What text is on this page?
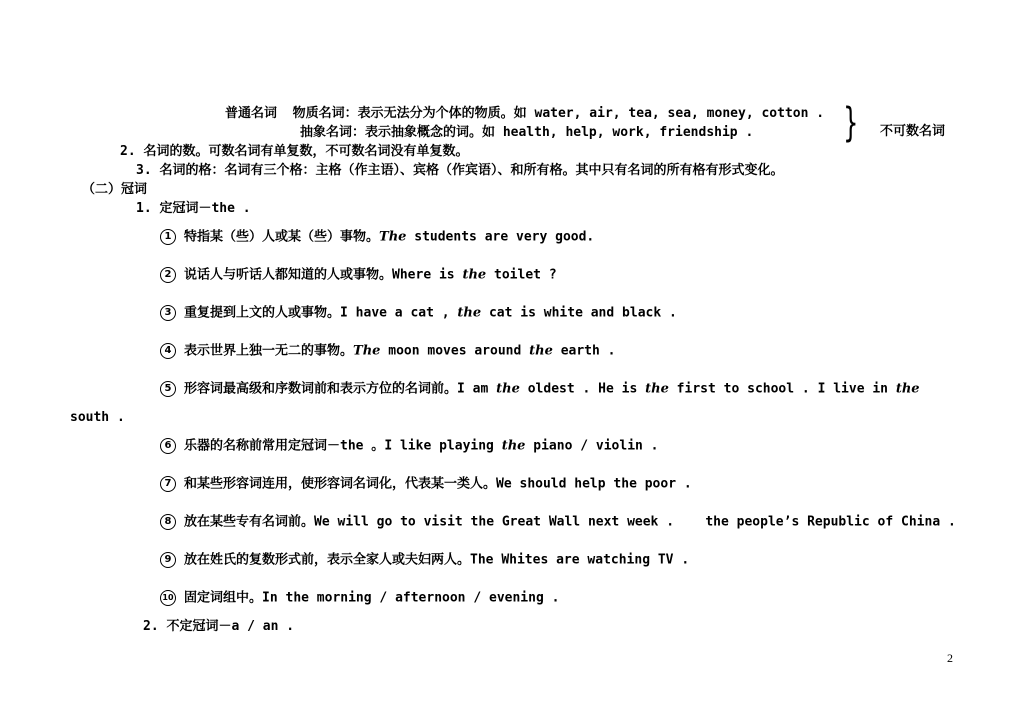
普通名词 物质名词：表示无法分为个体的物质。如 water, air, tea, sea, money, cotton .
抽象名词：表示抽象概念的词。如 health, help, work, friendship . } 不可数名词
2. 名词的数。可数名词有单复数，不可数名词没有单复数。
3. 名词的格：名词有三个格：主格（作主语）、宾格（作宾语）、和所有格。其中只有名词的所有格有形式变化。
（二）冠词
1. 定冠词－the .
1 特指某（些）人或某（些）事物。The students are very good.
2 说话人与听话人都知道的人或事物。Where is the toilet ?
3 重复提到上文的人或事物。I have a cat , the cat is white and black .
4 表示世界上独一无二的事物。The moon moves around the earth .
5 形容词最高级和序数词前和表示方位的名词前。I am the oldest . He is the first to school . I live in the
south .
6 乐器的名称前常用定冠词－the 。I like playing the piano / violin .
7 和某些形容词连用，使形容词名词化，代表某一类人。We should help the poor .
8 放在某些专有名词前。We will go to visit the Great Wall next week .    the people’s Republic of China .
9 放在姓氏的复数形式前，表示全家人或夫妇两人。The Whites are watching TV .
10 固定词组中。In the morning / afternoon / evening .
2. 不定冠词－a / an .
2
